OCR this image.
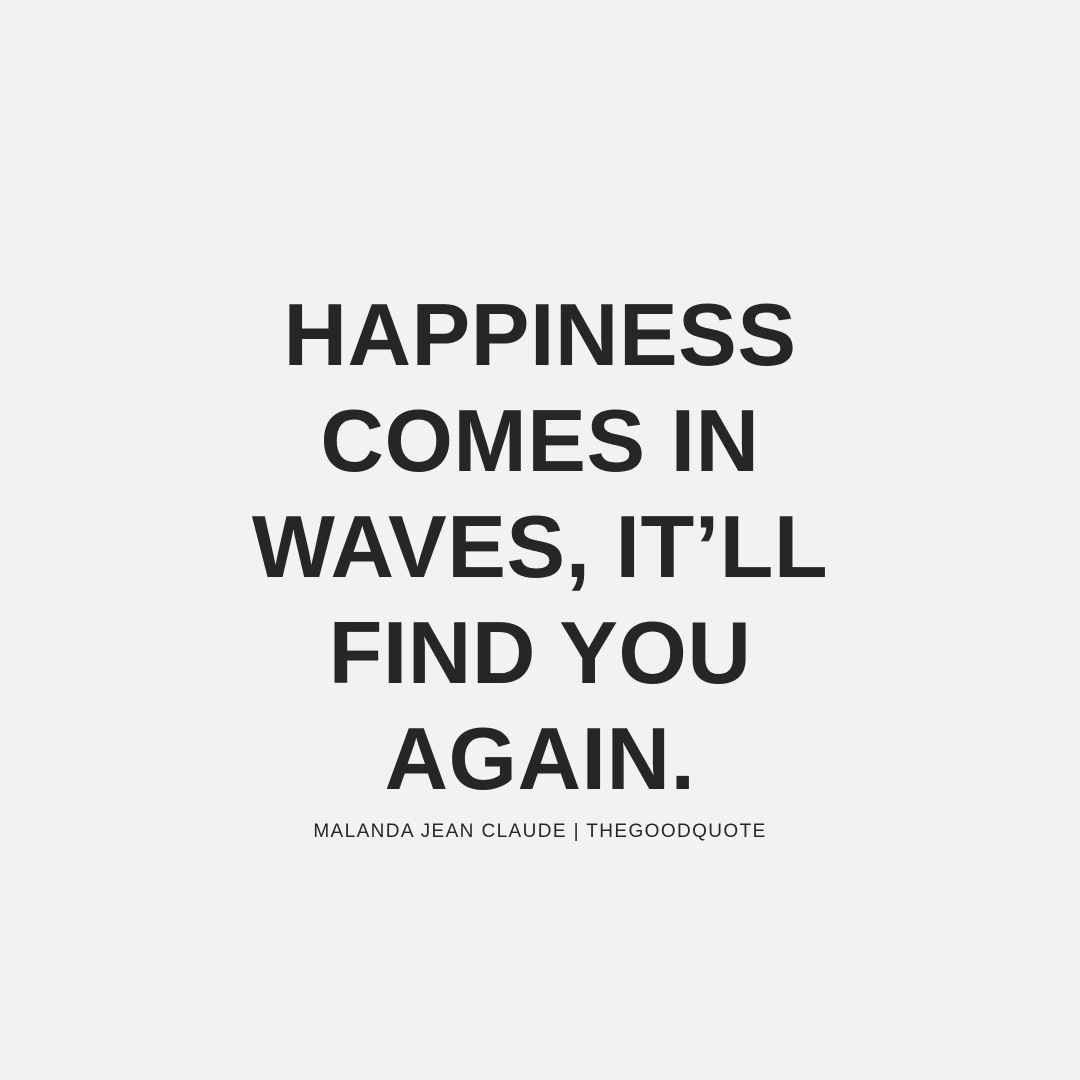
HAPPINESS
COMES IN
WAVES, IT’LL
FIND YOU
AGAIN.
MALANDA JEAN CLAUDE | THEGOODQUOTE
